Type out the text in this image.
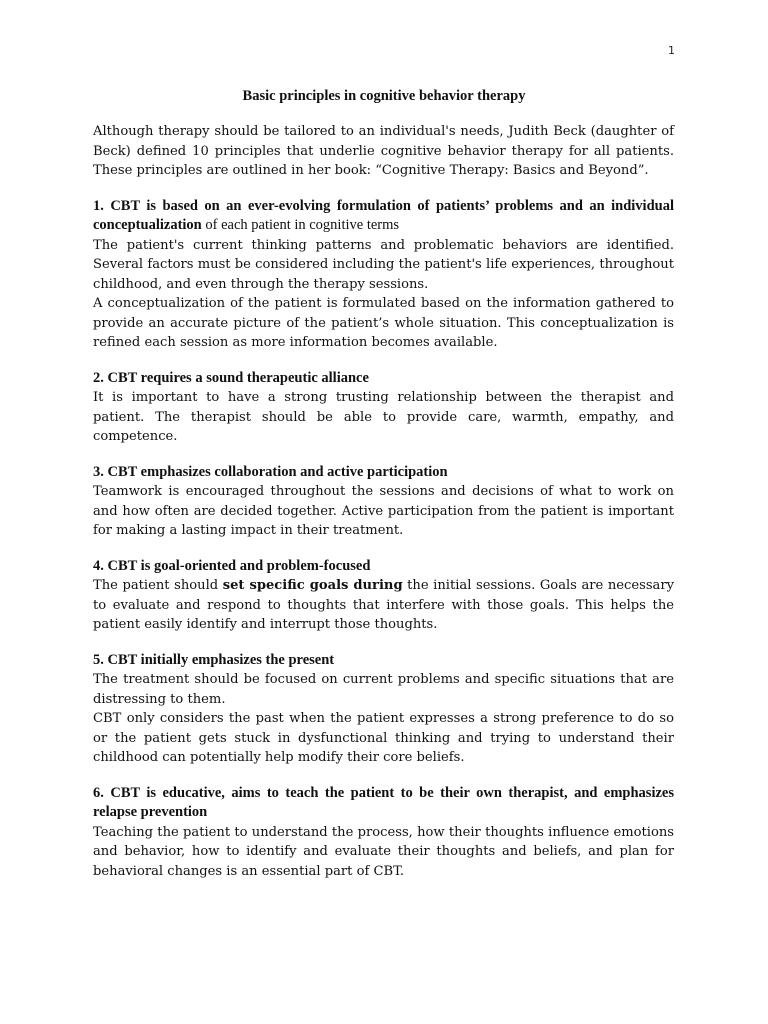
1
Basic principles in cognitive behavior therapy

Although therapy should be tailored to an individual's needs, Judith Beck (daughter of Beck) defined 10 principles that underlie cognitive behavior therapy for all patients. These principles are outlined in her book: “Cognitive Therapy: Basics and Beyond”.

1. CBT is based on an ever-evolving formulation of patients’ problems and an individual conceptualization of each patient in cognitive terms

The patient's current thinking patterns and problematic behaviors are identified. Several factors must be considered including the patient's life experiences, throughout childhood, and even through the therapy sessions.

A conceptualization of the patient is formulated based on the information gathered to provide an accurate picture of the patient’s whole situation. This conceptualization is refined each session as more information becomes available.

2. CBT requires a sound therapeutic alliance

It is important to have a strong trusting relationship between the therapist and patient. The therapist should be able to provide care, warmth, empathy, and competence.

3. CBT emphasizes collaboration and active participation

Teamwork is encouraged throughout the sessions and decisions of what to work on and how often are decided together. Active participation from the patient is important for making a lasting impact in their treatment.

4. CBT is goal-oriented and problem-focused

The patient should set specific goals during the initial sessions. Goals are necessary to evaluate and respond to thoughts that interfere with those goals. This helps the patient easily identify and interrupt those thoughts.

5. CBT initially emphasizes the present

The treatment should be focused on current problems and specific situations that are distressing to them.

CBT only considers the past when the patient expresses a strong preference to do so or the patient gets stuck in dysfunctional thinking and trying to understand their childhood can potentially help modify their core beliefs.

6. CBT is educative, aims to teach the patient to be their own therapist, and emphasizes relapse prevention

Teaching the patient to understand the process, how their thoughts influence emotions and behavior, how to identify and evaluate their thoughts and beliefs, and plan for behavioral changes is an essential part of CBT.
